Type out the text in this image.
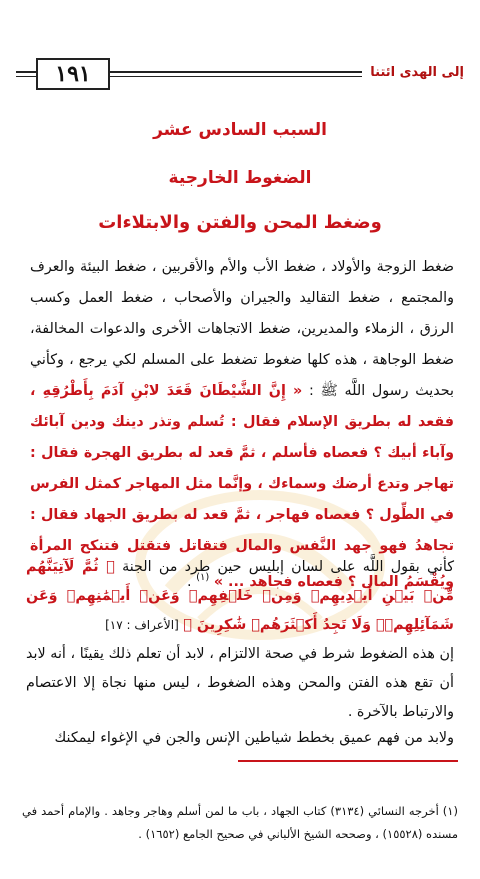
١٩١	إلى الهدى ائتنا
السبب السادس عشر
الضغوط الخارجية
وضغط المحن والفتن والابتلاءات
ضغط الزوجة والأولاد ، ضغط الأب والأم والأقربين ، ضغط البيئة والعرف والمجتمع ، ضغط التقاليد والجيران والأصحاب ، ضغط العمل وكسب الرزق ، الزملاء والمديرين، ضغط الاتجاهات الأخرى والدعوات المخالفة، ضغط الوجاهة ، هذه كلها ضغوط تضغط على المسلم لكي يرجع ، وكأني بحديث رسول اللَّه ﷺ : « إِنَّ الشَّيْطَانَ قَعَدَ لابْنِ آدَمَ بِأَطْرُقِهِ ، فقعد له بطريق الإسلام فقال : تُسلم وتذر دينك ودين آبائك وآباء أبيك ؟ فعصاه فأسلم ، ثمَّ قعد له بطريق الهجرة فقال : تهاجر وتدع أرضك وسماءك ، وإنَّما مثل المهاجر كمثل الفرس في الطِّول ؟ فعصاه فهاجر ، ثمَّ قعد له بطريق الجهاد فقال : تجاهدُ فهو جهد النَّفس والمال فتقاتل فتقتل فتنكح المرأة ويُقْسَمُ المال ؟ فعصاه فجاهد ... » $^{(١)}$ .
كأني بقول اللَّه على لسان إبليس حين طرد من الجنة ﴿ ثُمَّ لَآتِيَنَّهُم مِّنۢ بَيۡنِ أَيۡدِيهِمۡ وَمِنۡ خَلۡفِهِمۡ وَعَنۡ أَيۡمَٰنِهِمۡ وَعَن شَمَآئِلِهِمۡۖ وَلَا تَجِدُ أَكۡثَرَهُمۡ شَٰكِرِينَ ﴾ [الأعراف : ١٧]
إن هذه الضغوط شرط في صحة الالتزام ، لابد أن تعلم ذلك يقينًا ، أنه لابد أن تقع هذه الفتن والمحن وهذه الضغوط ، ليس منها نجاة إلا الاعتصام والارتباط بالآخرة .
ولابد من فهم عميق بخطط شياطين الإنس والجن في الإغواء ليمكنك
(١) أخرجه النسائي (٣١٣٤) كتاب الجهاد ، باب ما لمن أسلم وهاجر وجاهد . والإمام أحمد في مسنده (١٥٥٢٨) ، وصححه الشيخ الألباني في صحيح الجامع (١٦٥٢) .
